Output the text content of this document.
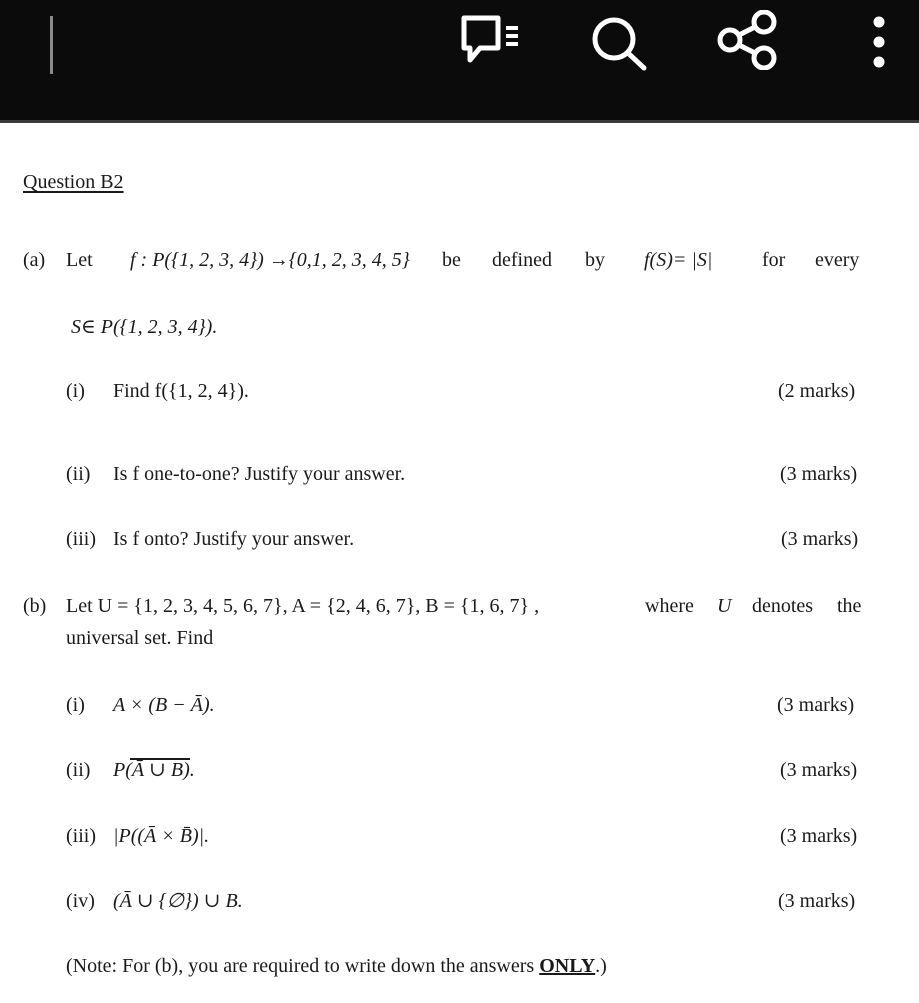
Question B2
(a) Let f : P({1, 2, 3, 4}) →{0,1, 2, 3, 4, 5} be defined by f(S)= |S| for every
S∈ P({1, 2, 3, 4}).
(i) Find f({1, 2, 4}).	(2 marks)
(ii) Is f one-to-one? Justify your answer.	(3 marks)
(iii) Is f onto? Justify your answer.	(3 marks)
(b) Let U = {1, 2, 3, 4, 5, 6, 7}, A = {2, 4, 6, 7}, B = {1, 6, 7} ,	where U denotes the
universal set. Find
(i) A × (B − Ā).	(3 marks)
(ii) P(Ā ∪ B).	(3 marks)
(iii) |P((Ā × B̄)|.	(3 marks)
(iv) (Ā ∪ {∅}) ∪ B.	(3 marks)
(Note: For (b), you are required to write down the answers ONLY.)
